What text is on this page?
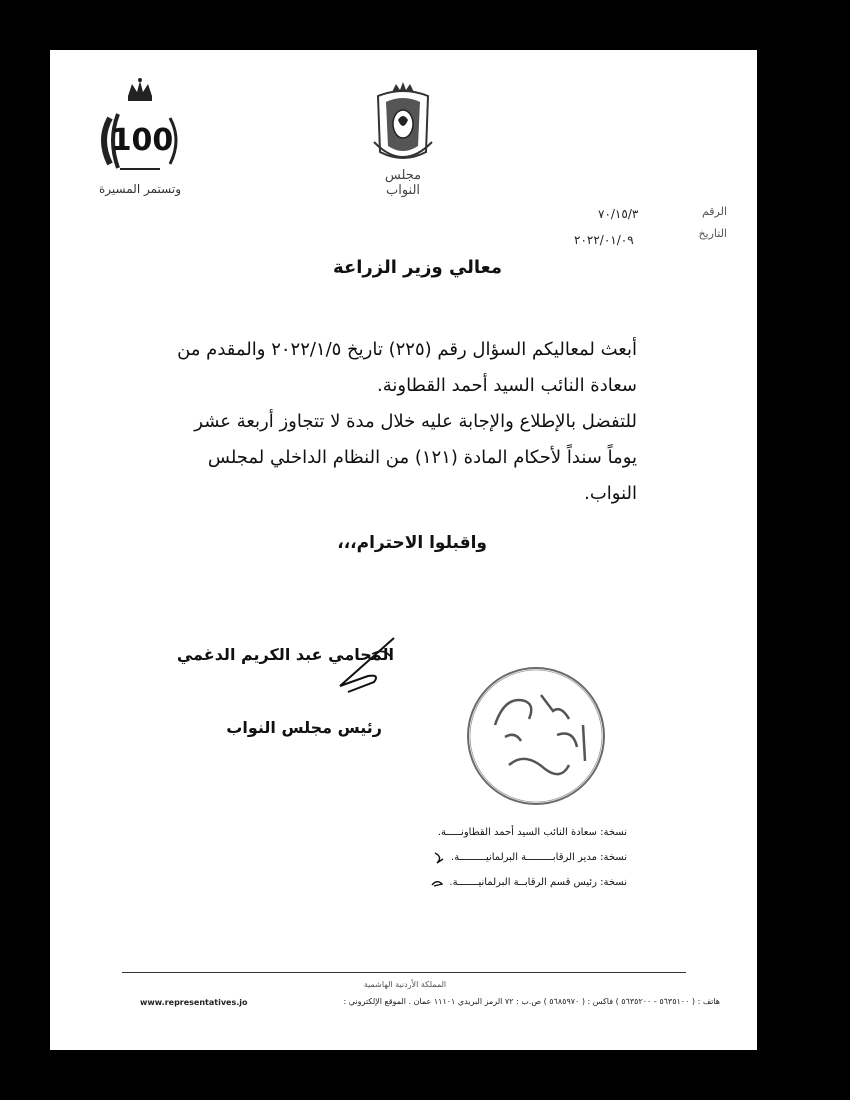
100
وتستمر المسيرة
مجلس النواب
الرقم
٧٠/١٥/٣
التاريخ
٢٠٢٢/٠١/٠٩
معالي وزير الزراعة

أبعث لمعاليكم السؤال رقم (٢٢٥) تاريخ ٢٠٢٢/١/٥ والمقدم من

سعادة النائب السيد أحمد القطاونة.

للتفضل بالإطلاع والإجابة عليه خلال مدة لا تتجاوز أربعة عشر

يوماً سنداً لأحكام المادة (١٢١) من النظام الداخلي لمجلس

النواب.

واقبلوا الاحترام،،،
المحامي عبد الكريم الدغمي
رئيس مجلس النواب
نسخة: سعادة النائب السيد أحمد القطاونـــــة.
نسخة: مدير الرقابـــــــــة البرلمانيـــــــــة.
نسخة: رئيس قسم الرقابــة البرلمانيـــــــة.
المملكة الأردنية الهاشمية
هاتف : ( ٥٦٣٥١٠٠ - ٥٦٣٥٢٠٠ ) فاكس : ( ٥٦٨٥٩٧٠ ) ص.ب : ٧٢ الرمز البريدي ١١١٠١ عمان . الموقع الإلكتروني :
www.representatives.jo
